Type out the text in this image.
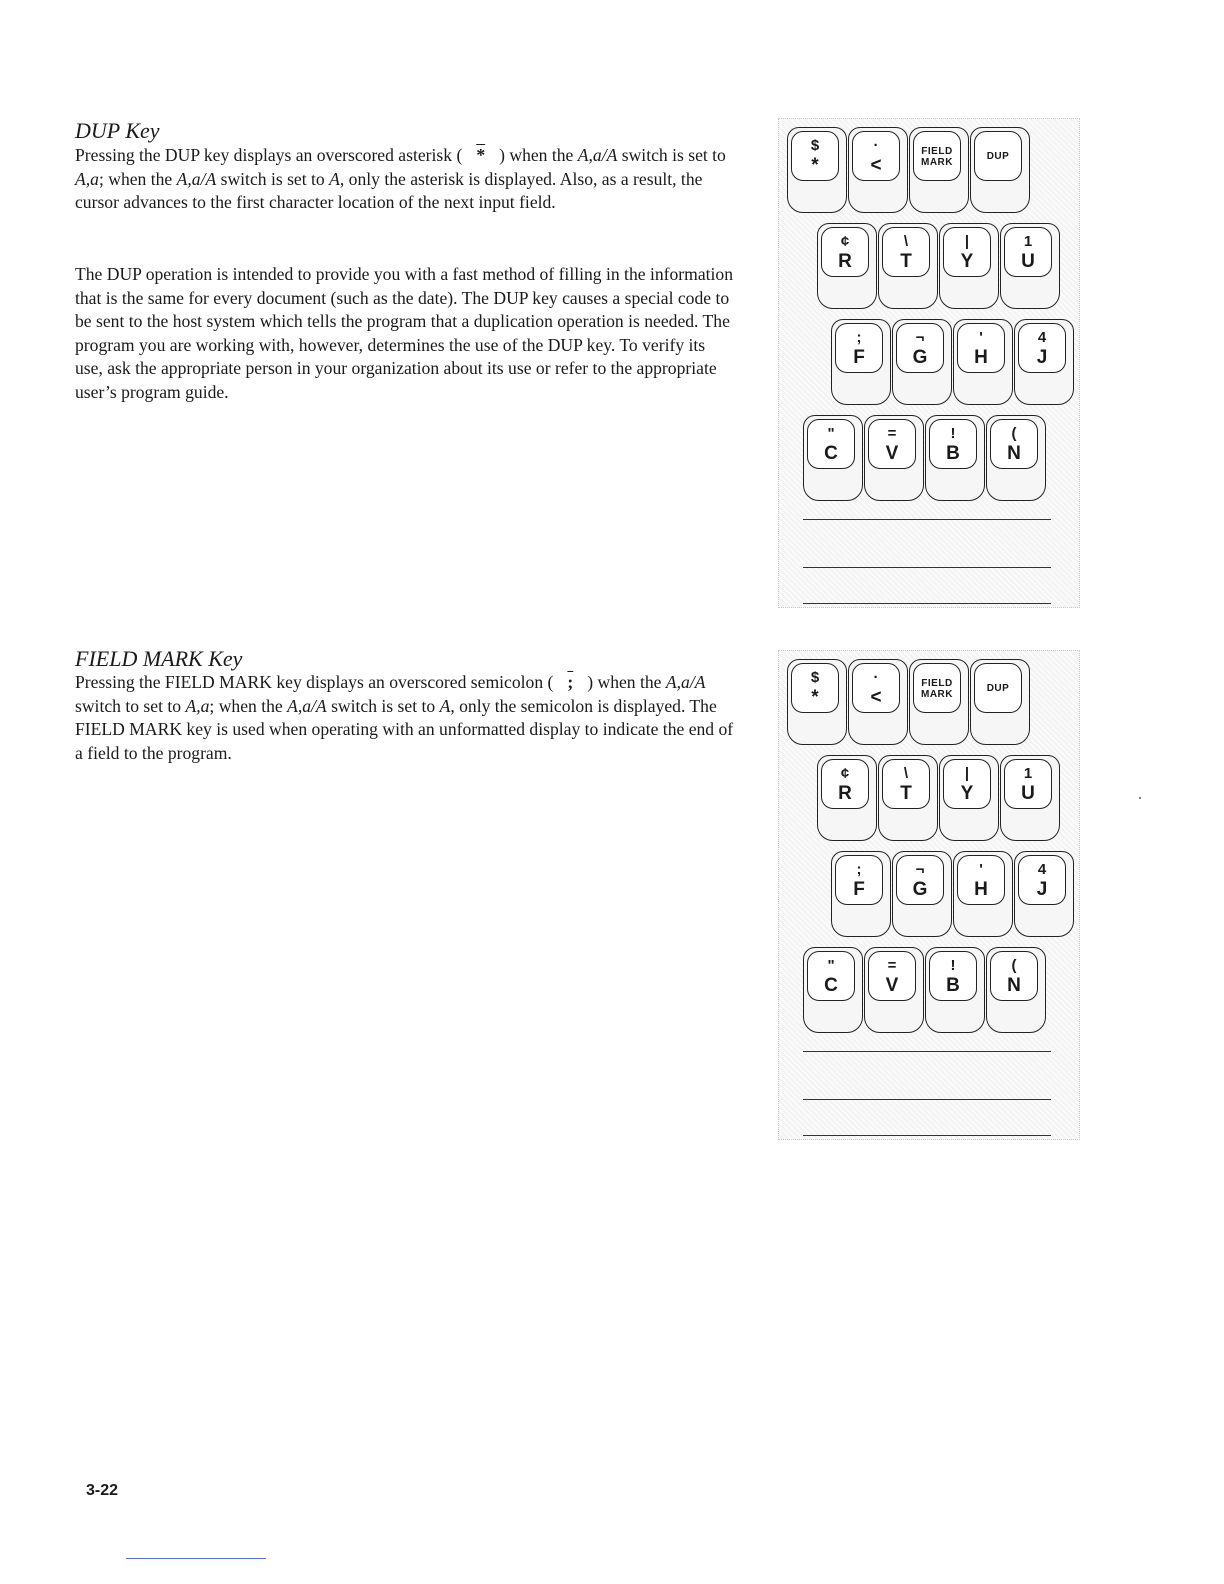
DUP Key

Pressing the DUP key displays an overscored asterisk ( * ) when the A,a/A switch is set to A,a; when the A,a/A switch is set to A, only the asterisk is displayed. Also, as a result, the cursor advances to the first character location of the next input field.

The DUP operation is intended to provide you with a fast method of filling in the information that is the same for every document (such as the date). The DUP key causes a special code to be sent to the host system which tells the program that a duplication operation is needed. The program you are working with, however, determines the use of the DUP key. To verify its use, ask the appropriate person in your organization about its use or refer to the appropriate user’s program guide.

FIELD MARK Key

Pressing the FIELD MARK key displays an overscored semicolon ( ; ) when the A,a/A switch to set to A,a; when the A,a/A switch is set to A, only the semicolon is displayed. The FIELD MARK key is used when operating with an unformatted display to indicate the end of a field to the program.

$
*
·
<
FIELD
MARK
DUP
¢
R
\
T
|
Y
1
U
;
F
¬
G
'
H
4
J
"
C
=
V
!
B
(
N
$
*
·
<
FIELD
MARK
DUP
¢
R
\
T
|
Y
1
U
;
F
¬
G
'
H
4
J
"
C
=
V
!
B
(
N

3-22
